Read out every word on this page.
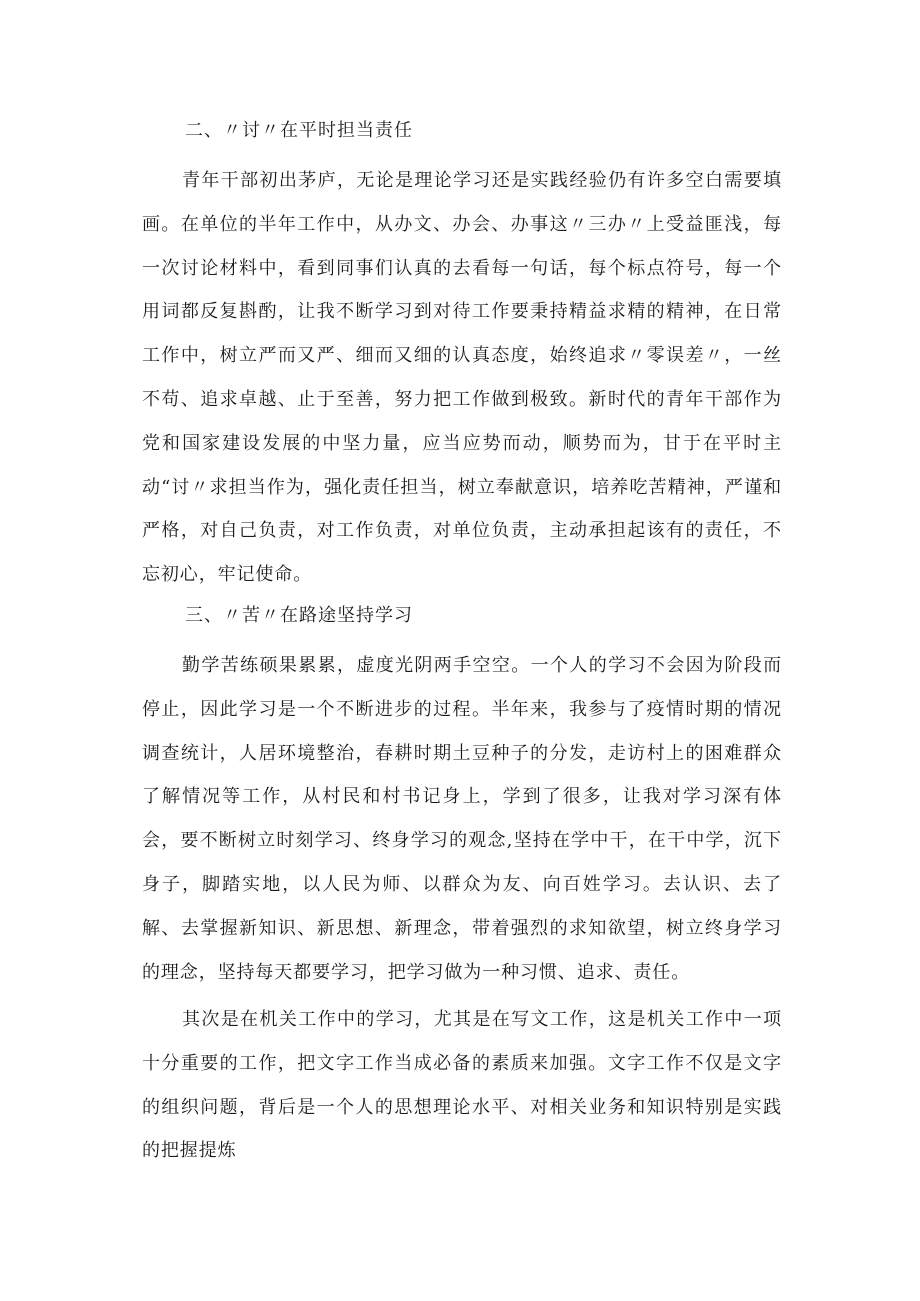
二、〃讨〃在平时担当责任

青年干部初出茅庐，无论是理论学习还是实践经验仍有许多空白需要填画。在单位的半年工作中，从办文、办会、办事这〃三办〃上受益匪浅，每一次讨论材料中，看到同事们认真的去看每一句话，每个标点符号，每一个用词都反复斟酌，让我不断学习到对待工作要秉持精益求精的精神，在日常工作中，树立严而又严、细而又细的认真态度，始终追求〃零误差〃，一丝不苟、追求卓越、止于至善，努力把工作做到极致。新时代的青年干部作为党和国家建设发展的中坚力量，应当应势而动，顺势而为，甘于在平时主动“讨〃求担当作为，强化责任担当，树立奉献意识，培养吃苦精神，严谨和严格，对自己负责，对工作负责，对单位负责，主动承担起该有的责任，不忘初心，牢记使命。

三、〃苦〃在路途坚持学习

勤学苦练硕果累累，虚度光阴两手空空。一个人的学习不会因为阶段而停止，因此学习是一个不断进步的过程。半年来，我参与了疫情时期的情况调查统计，人居环境整治，春耕时期土豆种子的分发，走访村上的困难群众了解情况等工作，从村民和村书记身上，学到了很多，让我对学习深有体会，要不断树立时刻学习、终身学习的观念,坚持在学中干，在干中学，沉下身子，脚踏实地，以人民为师、以群众为友、向百姓学习。去认识、去了解、去掌握新知识、新思想、新理念，带着强烈的求知欲望，树立终身学习的理念，坚持每天都要学习，把学习做为一种习惯、追求、责任。

其次是在机关工作中的学习，尤其是在写文工作，这是机关工作中一项十分重要的工作，把文字工作当成必备的素质来加强。文字工作不仅是文字的组织问题，背后是一个人的思想理论水平、对相关业务和知识特别是实践的把握提炼
